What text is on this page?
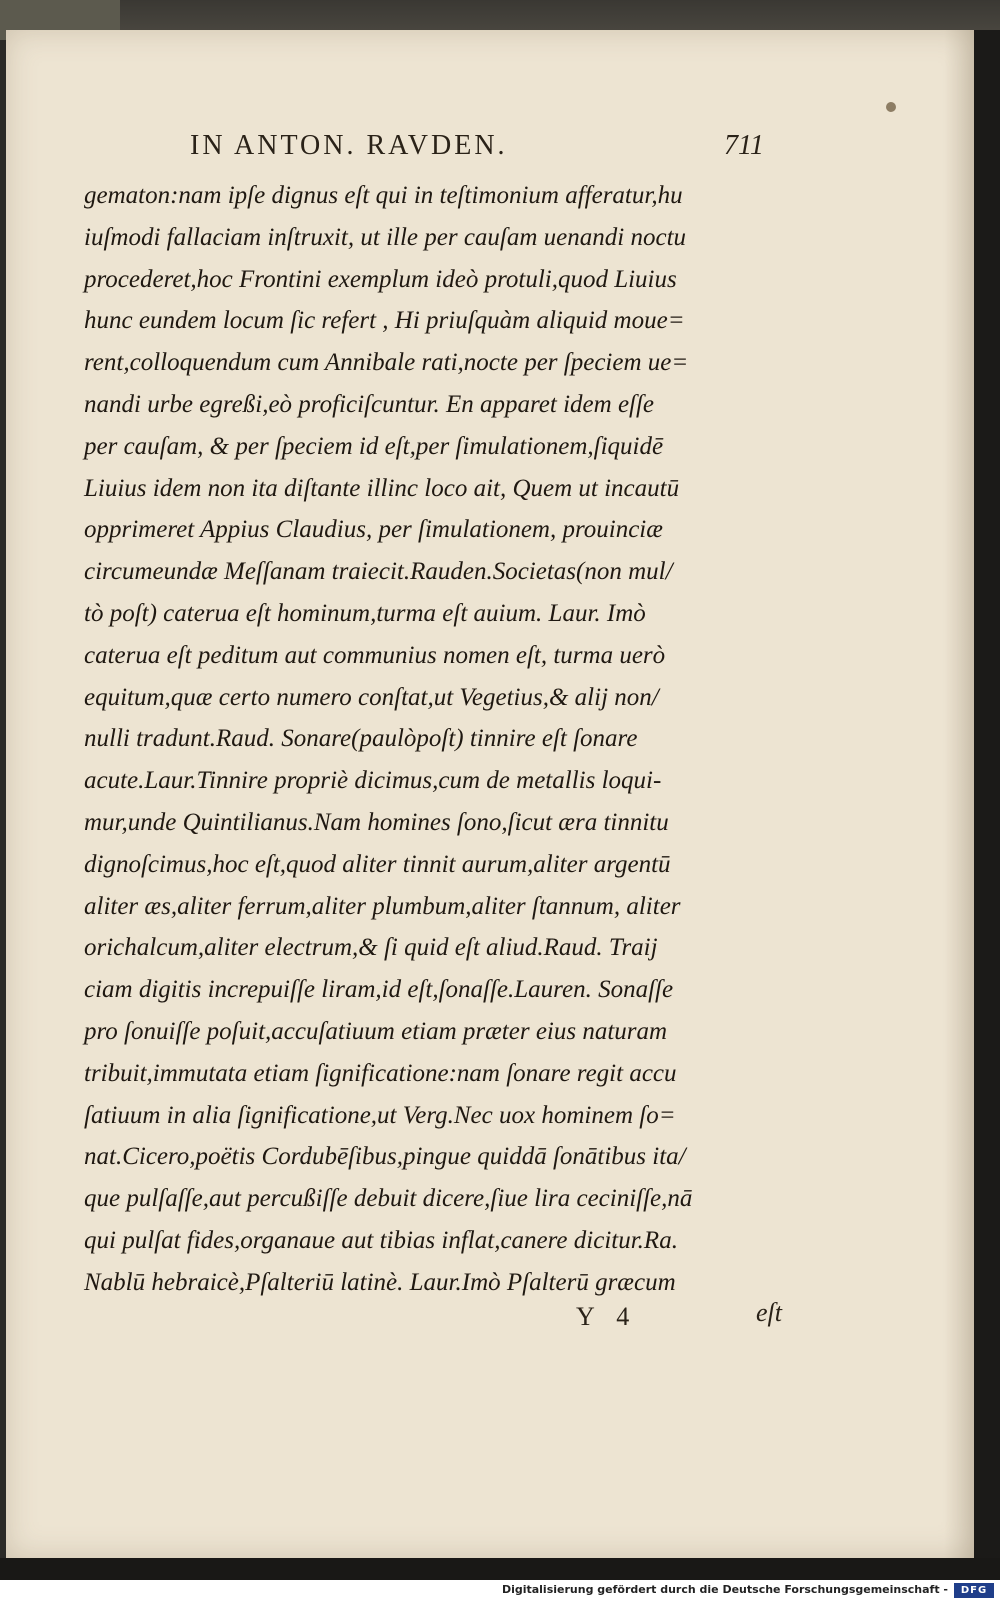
IN ANTON. RAVDEN.	711
gematon:nam ipſe dignus eſt qui in teſtimonium afferatur,hu
iuſmodi fallaciam inſtruxit, ut ille per cauſam uenandi noctu
procederet,hoc Frontini exemplum ideò protuli,quod Liuius
hunc eundem locum ſic refert , Hi priuſquàm aliquid moue=
rent,colloquendum cum Annibale rati,nocte per ſpeciem ue=
nandi urbe egreßi,eò proficiſcuntur. En apparet idem eſſe
per cauſam, & per ſpeciem id eſt,per ſimulationem,ſiquidē
Liuius idem non ita diſtante illinc loco ait, Quem ut incautū
opprimeret Appius Claudius, per ſimulationem, prouinciæ
circumeundæ Meſſanam traiecit.Rauden.Societas(non mul/
tò poſt) caterua eſt hominum,turma eſt auium. Laur. Imò
caterua eſt peditum aut communius nomen eſt, turma uerò
equitum,quæ certo numero conſtat,ut Vegetius,& alij non/
nulli tradunt.Raud. Sonare(paulòpoſt) tinnire eſt ſonare
acute.Laur.Tinnire propriè dicimus,cum de metallis loqui-
mur,unde Quintilianus.Nam homines ſono,ſicut æra tinnitu
dignoſcimus,hoc eſt,quod aliter tinnit aurum,aliter argentū
aliter æs,aliter ferrum,aliter plumbum,aliter ſtannum, aliter
orichalcum,aliter electrum,& ſi quid eſt aliud.Raud. Traij
ciam digitis increpuiſſe liram,id eſt,ſonaſſe.Lauren. Sonaſſe
pro ſonuiſſe poſuit,accuſatiuum etiam præter eius naturam
tribuit,immutata etiam ſignificatione:nam ſonare regit accu
ſatiuum in alia ſignificatione,ut Verg.Nec uox hominem ſo=
nat.Cicero,poëtis Cordubēſibus,pingue quiddā ſonātibus ita/
que pulſaſſe,aut percußiſſe debuit dicere,ſiue lira ceciniſſe,nā
qui pulſat fides,organaue aut tibias inflat,canere dicitur.Ra.
Nablū hebraicè,Pſalteriū latinè. Laur.Imò Pſalterū græcum
Y 4	eſt
Digitalisierung gefördert durch die Deutsche Forschungsgemeinschaft -	DFG
